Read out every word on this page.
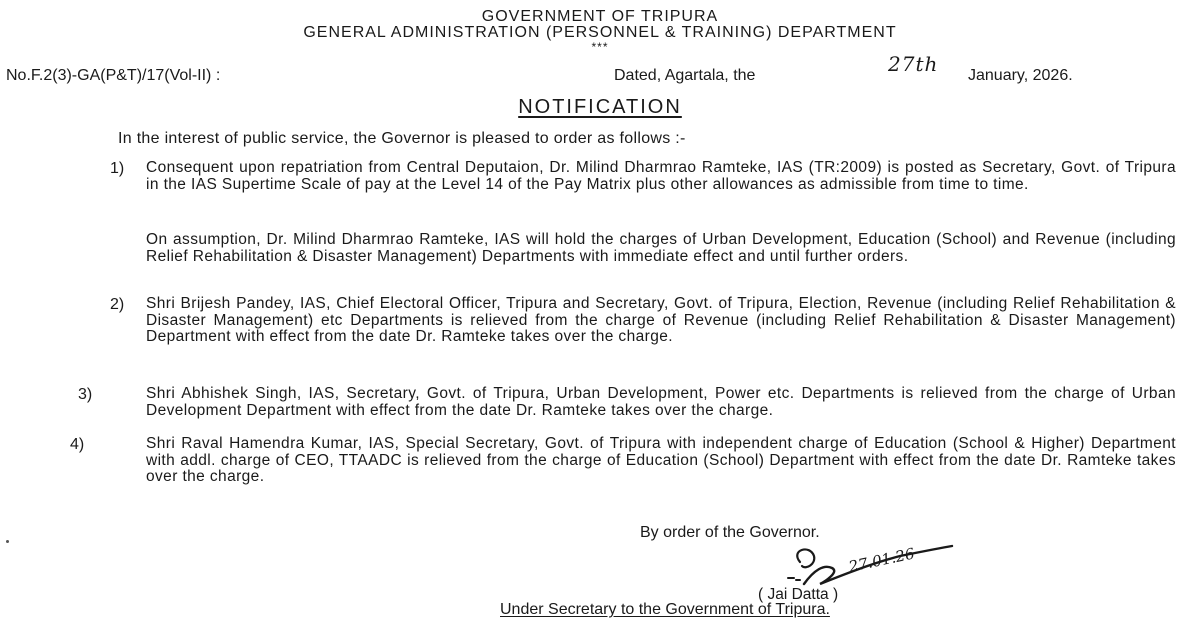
GOVERNMENT OF TRIPURA
GENERAL ADMINISTRATION (PERSONNEL & TRAINING) DEPARTMENT
***
No.F.2(3)-GA(P&T)/17(Vol-II) :	Dated, Agartala, the	27th January, 2026.
NOTIFICATION
In the interest of public service, the Governor is pleased to order as follows :-
1) Consequent upon repatriation from Central Deputaion, Dr. Milind Dharmrao Ramteke, IAS (TR:2009) is posted as Secretary, Govt. of Tripura in the IAS Supertime Scale of pay at the Level 14 of the Pay Matrix plus other allowances as admissible from time to time.
On assumption, Dr. Milind Dharmrao Ramteke, IAS will hold the charges of Urban Development, Education (School) and Revenue (including Relief Rehabilitation & Disaster Management) Departments with immediate effect and until further orders.
2) Shri Brijesh Pandey, IAS, Chief Electoral Officer, Tripura and Secretary, Govt. of Tripura, Election, Revenue (including Relief Rehabilitation & Disaster Management) etc Departments is relieved from the charge of Revenue (including Relief Rehabilitation & Disaster Management) Department with effect from the date Dr. Ramteke takes over the charge.
3)	Shri Abhishek Singh, IAS, Secretary, Govt. of Tripura, Urban Development, Power etc. Departments is relieved from the charge of Urban Development Department with effect from the date Dr. Ramteke takes over the charge.
4)	Shri Raval Hamendra Kumar, IAS, Special Secretary, Govt. of Tripura with independent charge of Education (School & Higher) Department with addl. charge of CEO, TTAADC is relieved from the charge of Education (School) Department with effect from the date Dr. Ramteke takes over the charge.
By order of the Governor.
27.01.26
( Jai Datta )
Under Secretary to the Government of Tripura.
